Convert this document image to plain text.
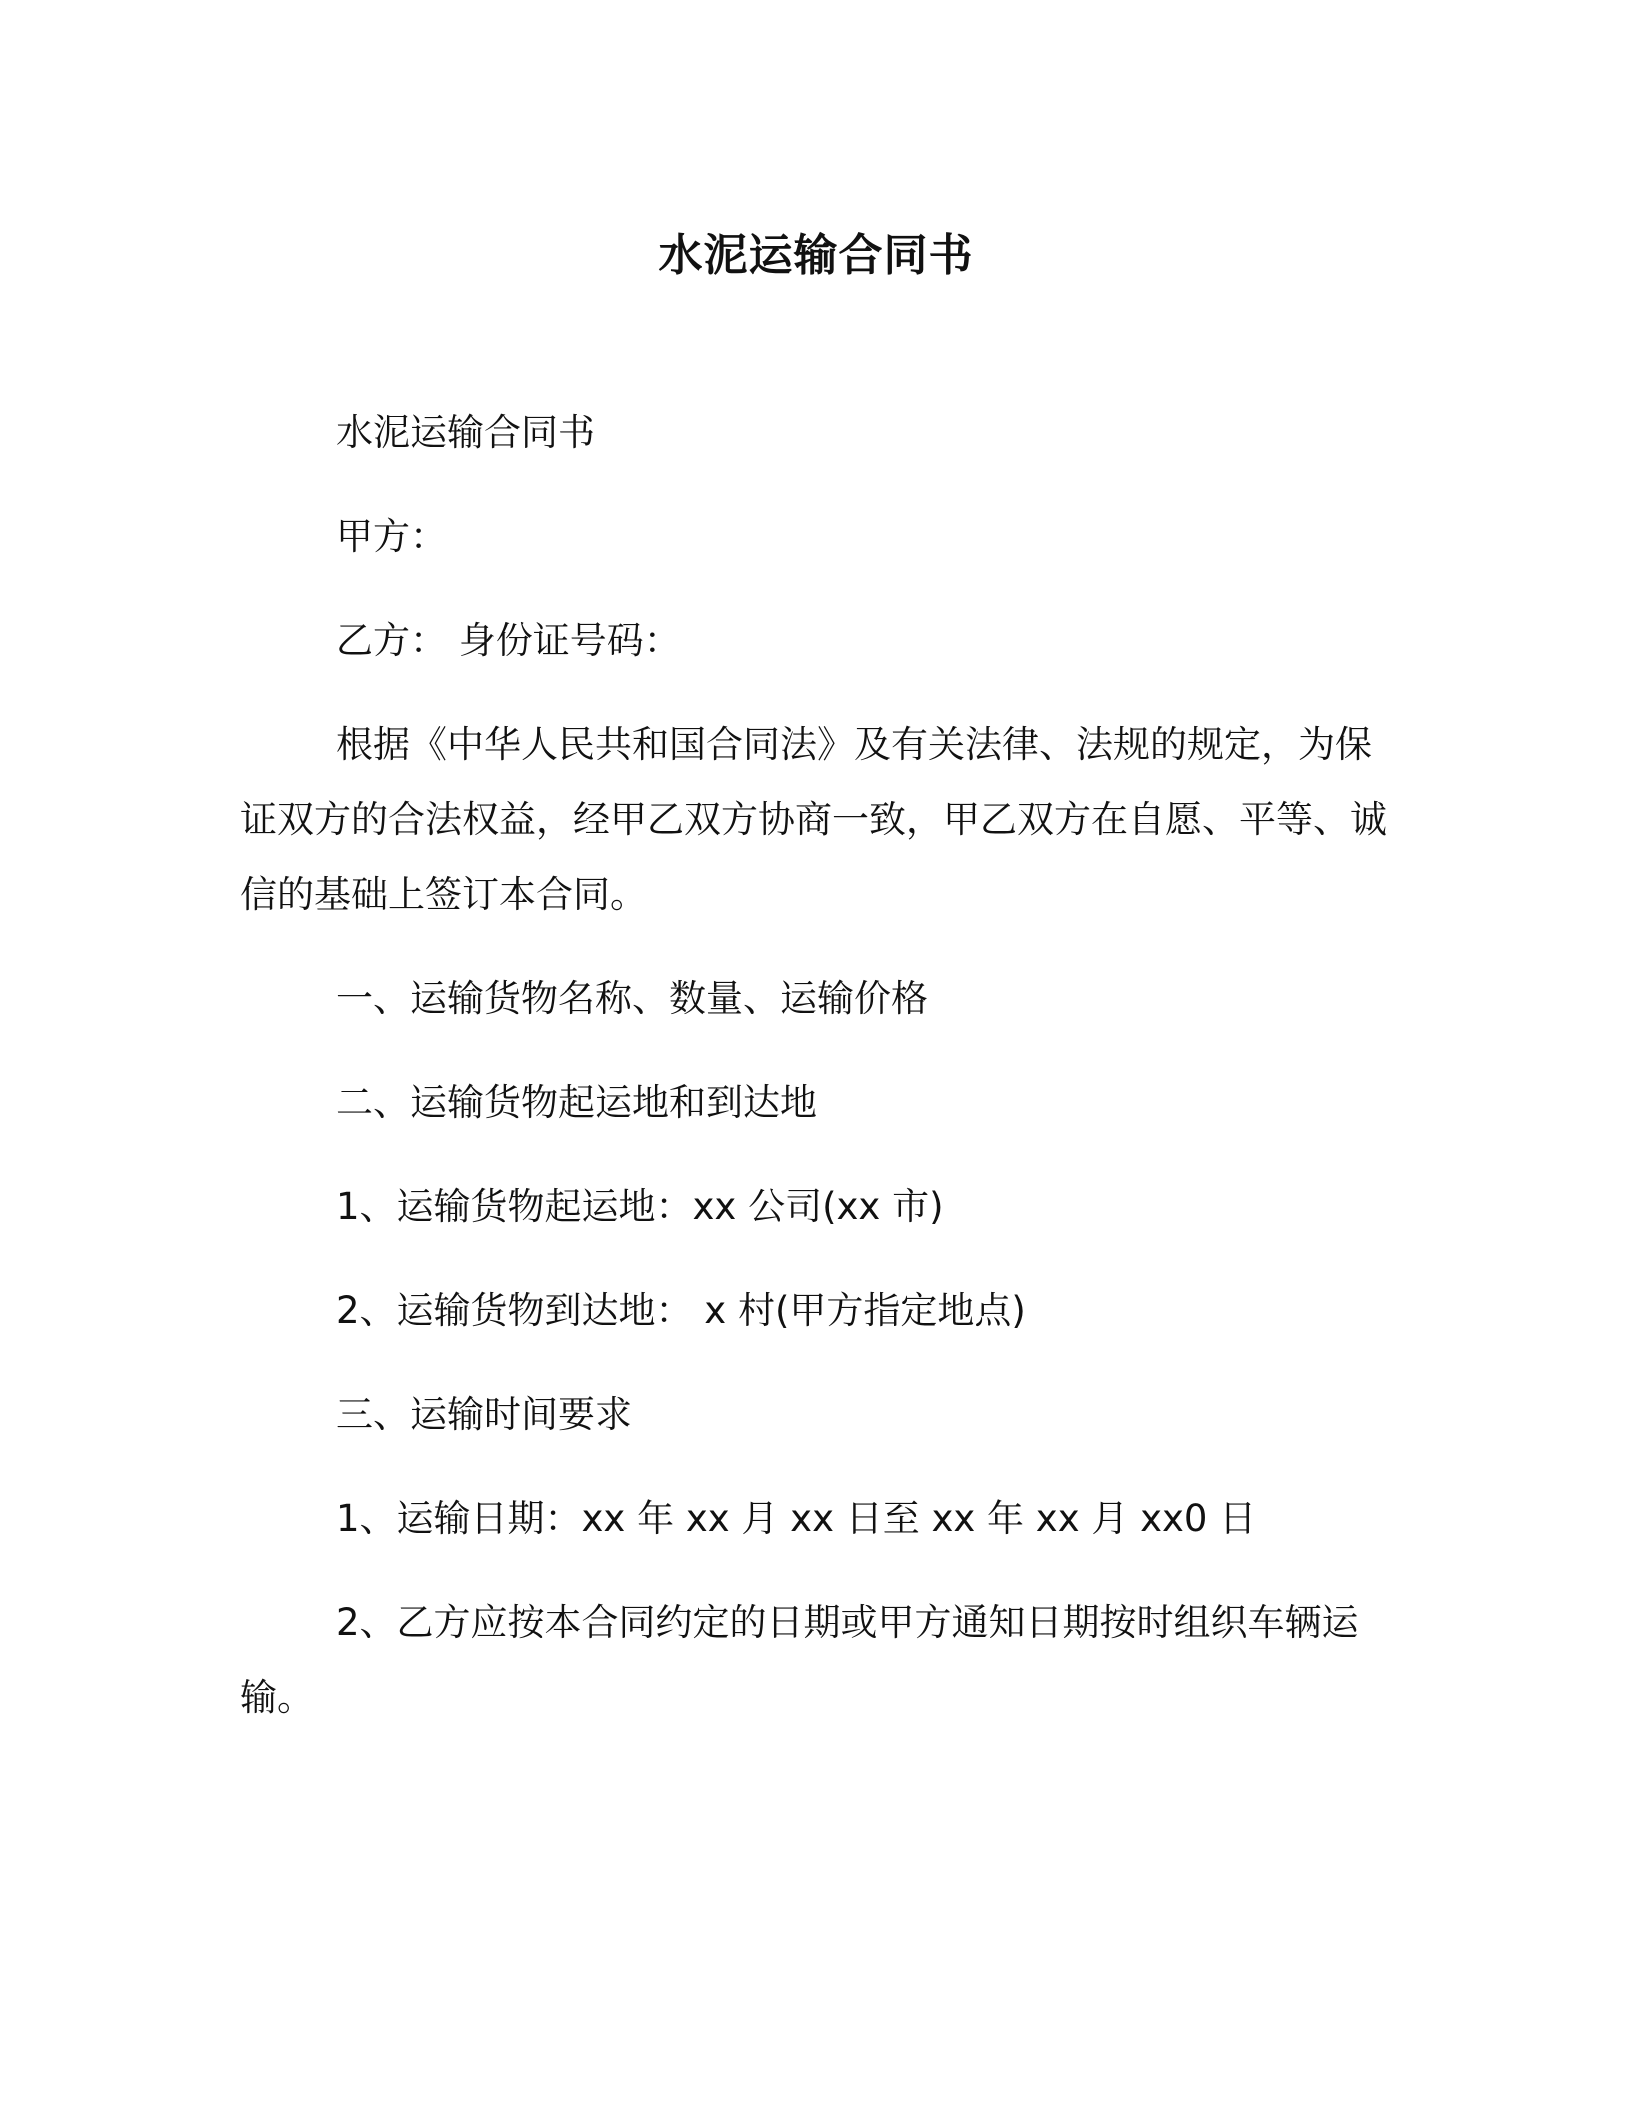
水泥运输合同书

水泥运输合同书

甲方：

乙方： 身份证号码：

根据《中华人民共和国合同法》及有关法律、法规的规定，为保证双方的合法权益，经甲乙双方协商一致，甲乙双方在自愿、平等、诚信的基础上签订本合同。

一、运输货物名称、数量、运输价格

二、运输货物起运地和到达地

1、运输货物起运地：xx 公司(xx 市)

2、运输货物到达地： x 村(甲方指定地点)

三、运输时间要求

1、运输日期：xx 年 xx 月 xx 日至 xx 年 xx 月 xx0 日

2、乙方应按本合同约定的日期或甲方通知日期按时组织车辆运输。
